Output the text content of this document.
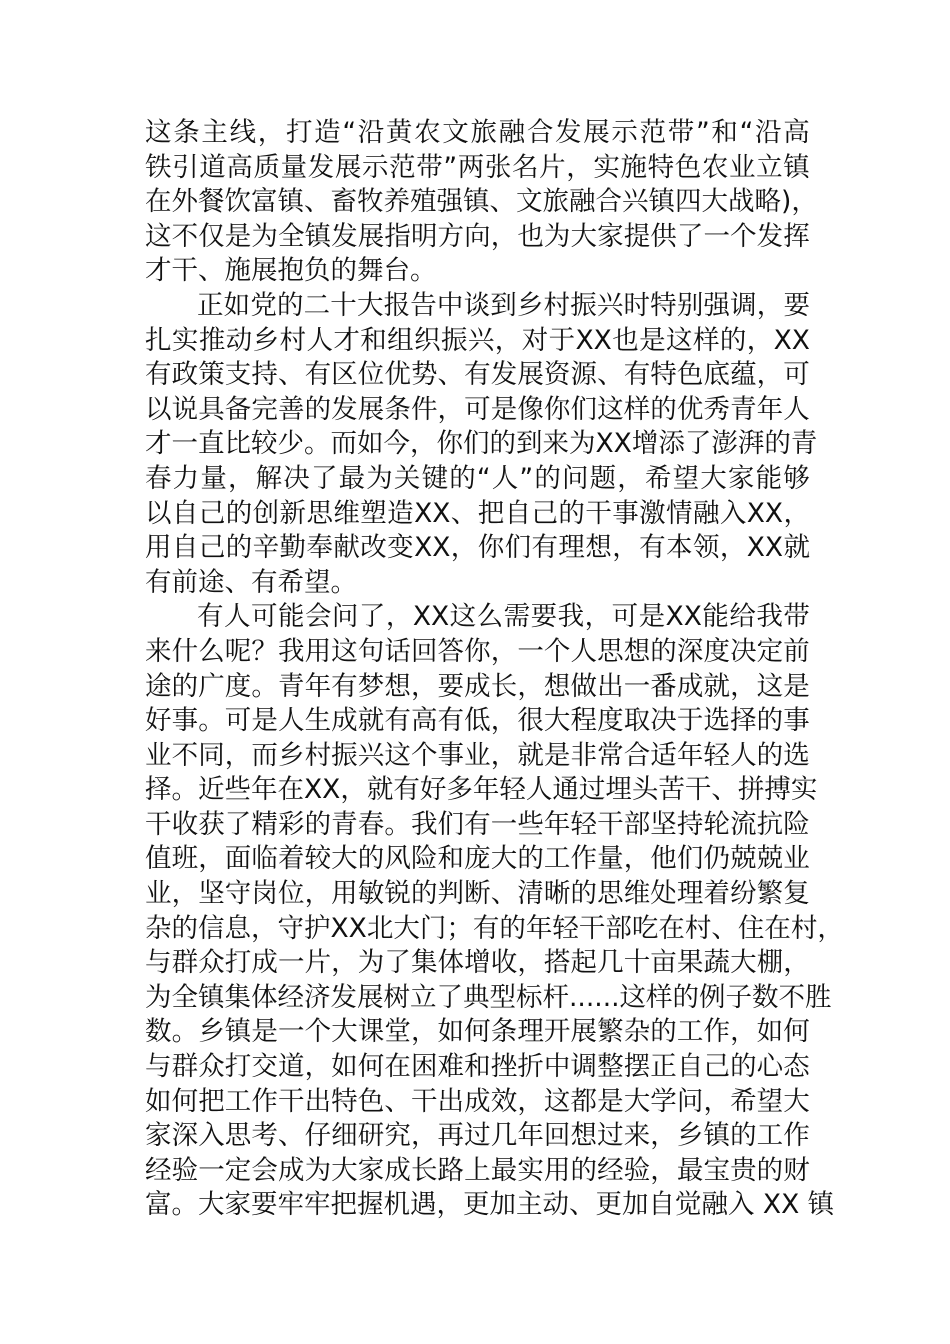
这 条 主 线 ， 打 造 “ 沿 黄 农 文 旅 融 合 发 展 示 范 带 ” 和 “ 沿 高
铁 引 道 高 质 量 发 展 示 范 带 ” 两 张 名 片 ， 实 施 特 色 农 业 立 镇
在 外 餐 饮 富 镇 、 畜 牧 养 殖 强 镇 、 文 旅 融 合 兴 镇 四 大 战 略 ) ，
这 不 仅 是 为 全 镇 发 展 指 明 方 向 ， 也 为 大 家 提 供 了 一 个 发 挥
才干、施展抱负的舞台。
正 如 党 的 二 十 大 报 告 中 谈 到 乡 村 振 兴 时 特 别 强 调 ， 要
扎 实 推 动 乡 村 人 才 和 组 织 振 兴 ， 对 于 XX 也 是 这 样 的 ， XX
有 政 策 支 持 、 有 区 位 优 势 、 有 发 展 资 源 、 有 特 色 底 蕴 ， 可
以 说 具 备 完 善 的 发 展 条 件 ， 可 是 像 你 们 这 样 的 优 秀 青 年 人
才 一 直 比 较 少 。 而 如 今 ， 你 们 的 到 来 为 XX 增 添 了 澎 湃 的 青
春 力 量 ， 解 决 了 最 为 关 键 的 “ 人 ” 的 问 题 ， 希 望 大 家 能 够
以 自 己 的 创 新 思 维 塑 造 XX 、 把 自 己 的 干 事 激 情 融 入 XX ，
用 自 己 的 辛 勤 奉 献 改 变 XX ， 你 们 有 理 想 ， 有 本 领 ， XX 就
有前途、有希望。
有 人 可 能 会 问 了 ， XX 这 么 需 要 我 ， 可 是 XX 能 给 我 带
来 什 么 呢 ？ 我 用 这 句 话 回 答 你 ， 一 个 人 思 想 的 深 度 决 定 前
途 的 广 度 。 青 年 有 梦 想 ， 要 成 长 ， 想 做 出 一 番 成 就 ， 这 是
好 事 。 可 是 人 生 成 就 有 高 有 低 ， 很 大 程 度 取 决 于 选 择 的 事
业 不 同 ， 而 乡 村 振 兴 这 个 事 业 ， 就 是 非 常 合 适 年 轻 人 的 选
择 。 近 些 年 在 XX ， 就 有 好 多 年 轻 人 通 过 埋 头 苦 干 、 拼 搏 实
干 收 获 了 精 彩 的 青 春 。 我 们 有 一 些 年 轻 干 部 坚 持 轮 流 抗 险
值 班 ， 面 临 着 较 大 的 风 险 和 庞 大 的 工 作 量 ， 他 们 仍 兢 兢 业
业 ， 坚 守 岗 位 ， 用 敏 锐 的 判 断 、 清 晰 的 思 维 处 理 着 纷 繁 复
杂 的 信 息 ， 守 护 XX 北 大 门 ； 有 的 年 轻 干 部 吃 在 村 、 住 在 村 ，
与 群 众 打 成 一 片 ， 为 了 集 体 增 收 ， 搭 起 几 十 亩 果 蔬 大 棚 ，
为 全 镇 集 体 经 济 发 展 树 立 了 典 型 标 杆 ...... 这 样 的 例 子 数 不 胜
数 。 乡 镇 是 一 个 大 课 堂 ， 如 何 条 理 开 展 繁 杂 的 工 作 ， 如 何
与 群 众 打 交 道 ， 如 何 在 困 难 和 挫 折 中 调 整 摆 正 自 己 的 心 态
如 何 把 工 作 干 出 特 色 、 干 出 成 效 ， 这 都 是 大 学 问 ， 希 望 大
家 深 入 思 考 、 仔 细 研 究 ， 再 过 几 年 回 想 过 来 ， 乡 镇 的 工 作
经 验 一 定 会 成 为 大 家 成 长 路 上 最 实 用 的 经 验 ， 最 宝 贵 的 财
富。大家要牢牢把握机遇，更加主动、更加自觉融入 XX 镇
